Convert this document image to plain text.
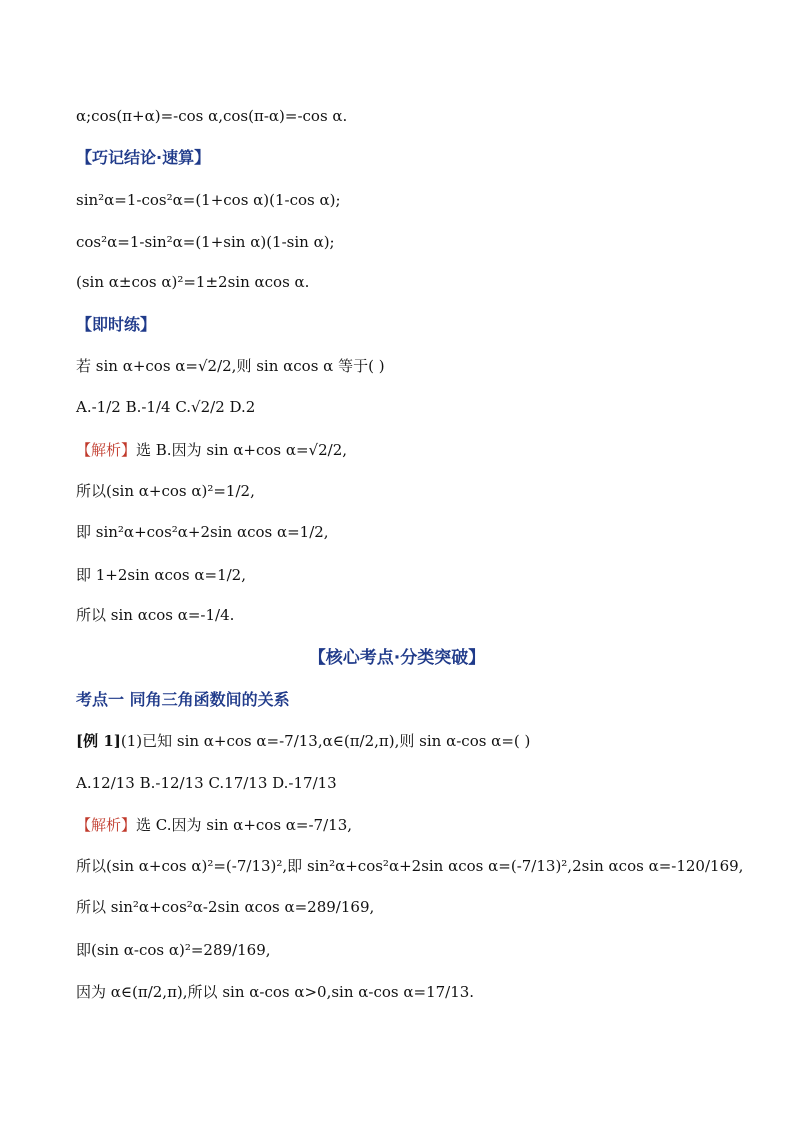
α;cos(π+α)=-cos α,cos(π-α)=-cos α.
【巧记结论·速算】
sin²α=1-cos²α=(1+cos α)(1-cos α);
cos²α=1-sin²α=(1+sin α)(1-sin α);
(sin α±cos α)²=1±2sin αcos α.
【即时练】
若 sin α+cos α=√2/2,则 sin αcos α 等于( )
A.-1/2 B.-1/4 C.√2/2 D.2
【解析】选 B.因为 sin α+cos α=√2/2,
所以(sin α+cos α)²=1/2,
即 sin²α+cos²α+2sin αcos α=1/2,
即 1+2sin αcos α=1/2,
所以 sin αcos α=-1/4.
【核心考点·分类突破】
考点一 同角三角函数间的关系
[例 1](1)已知 sin α+cos α=-7/13,α∈(π/2,π),则 sin α-cos α=( )
A.12/13 B.-12/13 C.17/13 D.-17/13
【解析】选 C.因为 sin α+cos α=-7/13,
所以(sin α+cos α)²=(-7/13)²,即 sin²α+cos²α+2sin αcos α=(-7/13)²,2sin αcos α=-120/169,
所以 sin²α+cos²α-2sin αcos α=289/169,
即(sin α-cos α)²=289/169,
因为 α∈(π/2,π),所以 sin α-cos α>0,sin α-cos α=17/13.
